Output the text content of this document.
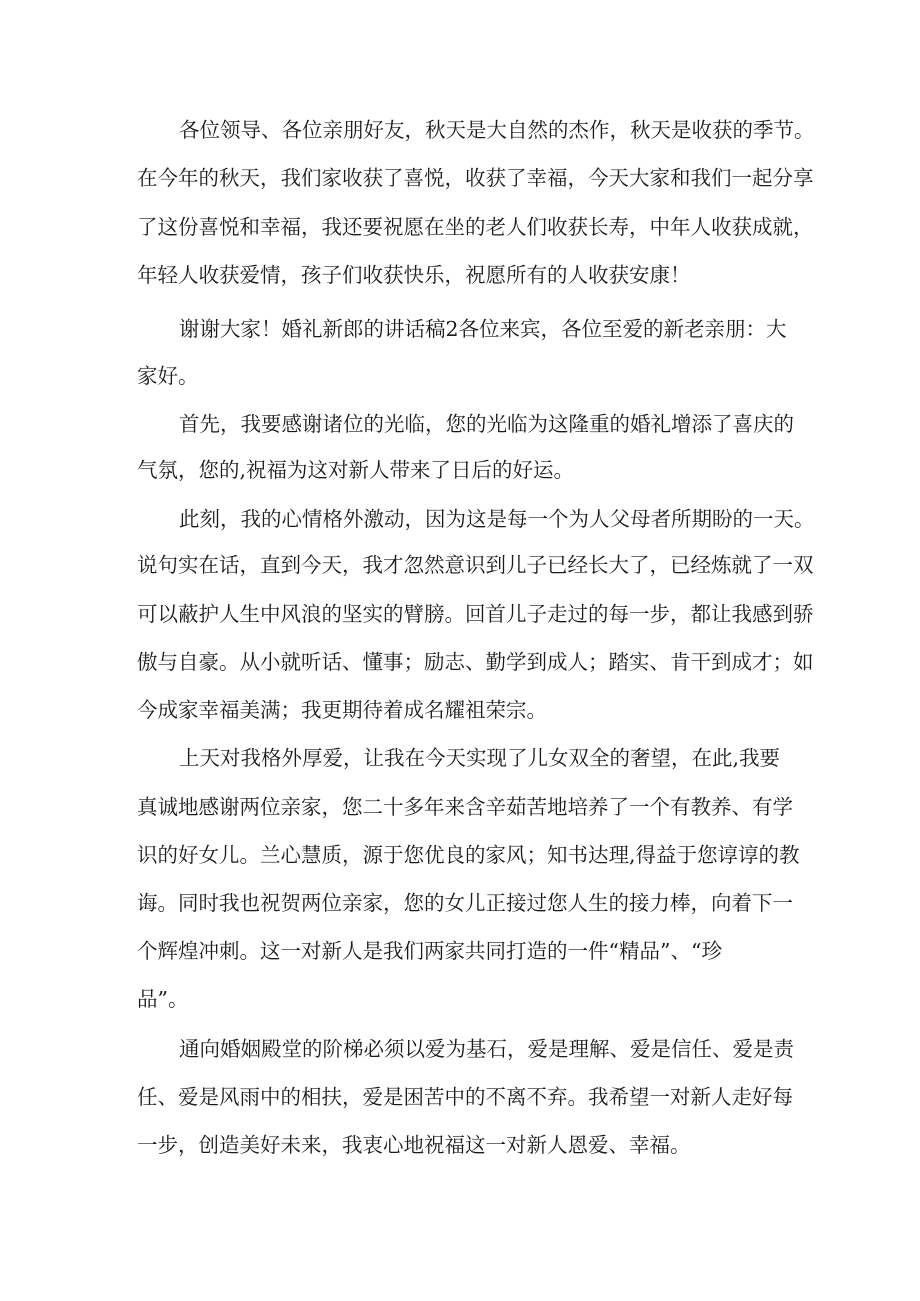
各位领导、各位亲朋好友，秋天是大自然的杰作，秋天是收获的季节。

在今年的秋天，我们家收获了喜悦，收获了幸福，今天大家和我们一起分享

了这份喜悦和幸福，我还要祝愿在坐的老人们收获长寿，中年人收获成就，

年轻人收获爱情，孩子们收获快乐，祝愿所有的人收获安康！

谢谢大家！婚礼新郎的讲话稿2各位来宾，各位至爱的新老亲朋：大

家好。

首先，我要感谢诸位的光临，您的光临为这隆重的婚礼增添了喜庆的

气氛，您的,祝福为这对新人带来了日后的好运。

此刻，我的心情格外激动，因为这是每一个为人父母者所期盼的一天。

说句实在话，直到今天，我才忽然意识到儿子已经长大了，已经炼就了一双

可以蔽护人生中风浪的坚实的臂膀。回首儿子走过的每一步，都让我感到骄

傲与自豪。从小就听话、懂事；励志、勤学到成人；踏实、肯干到成才；如

今成家幸福美满；我更期待着成名耀祖荣宗。

上天对我格外厚爱，让我在今天实现了儿女双全的奢望，在此,我要

真诚地感谢两位亲家，您二十多年来含辛茹苦地培养了一个有教养、有学

识的好女儿。兰心慧质，源于您优良的家风；知书达理,得益于您谆谆的教

诲。同时我也祝贺两位亲家，您的女儿正接过您人生的接力棒，向着下一

个辉煌冲刺。这一对新人是我们两家共同打造的一件“精品”、“珍

品”。

通向婚姻殿堂的阶梯必须以爱为基石，爱是理解、爱是信任、爱是责

任、爱是风雨中的相扶，爱是困苦中的不离不弃。我希望一对新人走好每

一步，创造美好未来，我衷心地祝福这一对新人恩爱、幸福。
